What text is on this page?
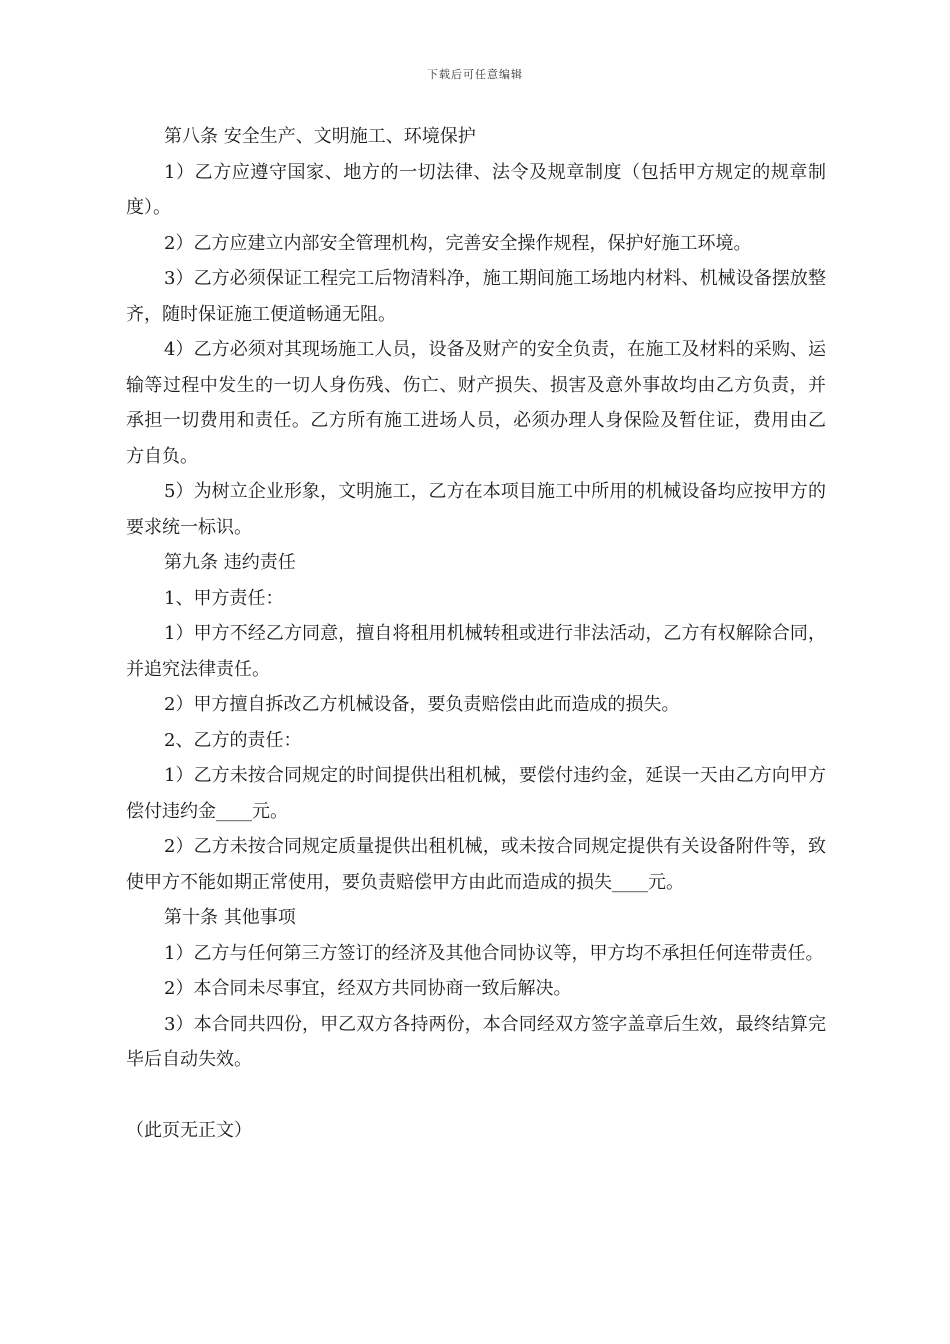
下载后可任意编辑

第八条 安全生产、文明施工、环境保护

1）乙方应遵守国家、地方的一切法律、法令及规章制度（包括甲方规定的规章制度）。

2）乙方应建立内部安全管理机构，完善安全操作规程，保护好施工环境。

3）乙方必须保证工程完工后物清料净，施工期间施工场地内材料、机械设备摆放整齐，随时保证施工便道畅通无阻。

4）乙方必须对其现场施工人员，设备及财产的安全负责，在施工及材料的采购、运输等过程中发生的一切人身伤残、伤亡、财产损失、损害及意外事故均由乙方负责，并承担一切费用和责任。乙方所有施工进场人员，必须办理人身保险及暂住证，费用由乙方自负。

5）为树立企业形象，文明施工，乙方在本项目施工中所用的机械设备均应按甲方的要求统一标识。

第九条 违约责任

1、甲方责任：

1）甲方不经乙方同意，擅自将租用机械转租或进行非法活动，乙方有权解除合同，并追究法律责任。

2）甲方擅自拆改乙方机械设备，要负责赔偿由此而造成的损失。

2、乙方的责任：

1）乙方未按合同规定的时间提供出租机械，要偿付违约金，延误一天由乙方向甲方偿付违约金____元。

2）乙方未按合同规定质量提供出租机械，或未按合同规定提供有关设备附件等，致使甲方不能如期正常使用，要负责赔偿甲方由此而造成的损失____元。

第十条 其他事项

1）乙方与任何第三方签订的经济及其他合同协议等，甲方均不承担任何连带责任。

2）本合同未尽事宜，经双方共同协商一致后解决。

3）本合同共四份，甲乙双方各持两份，本合同经双方签字盖章后生效，最终结算完毕后自动失效。

（此页无正文）
